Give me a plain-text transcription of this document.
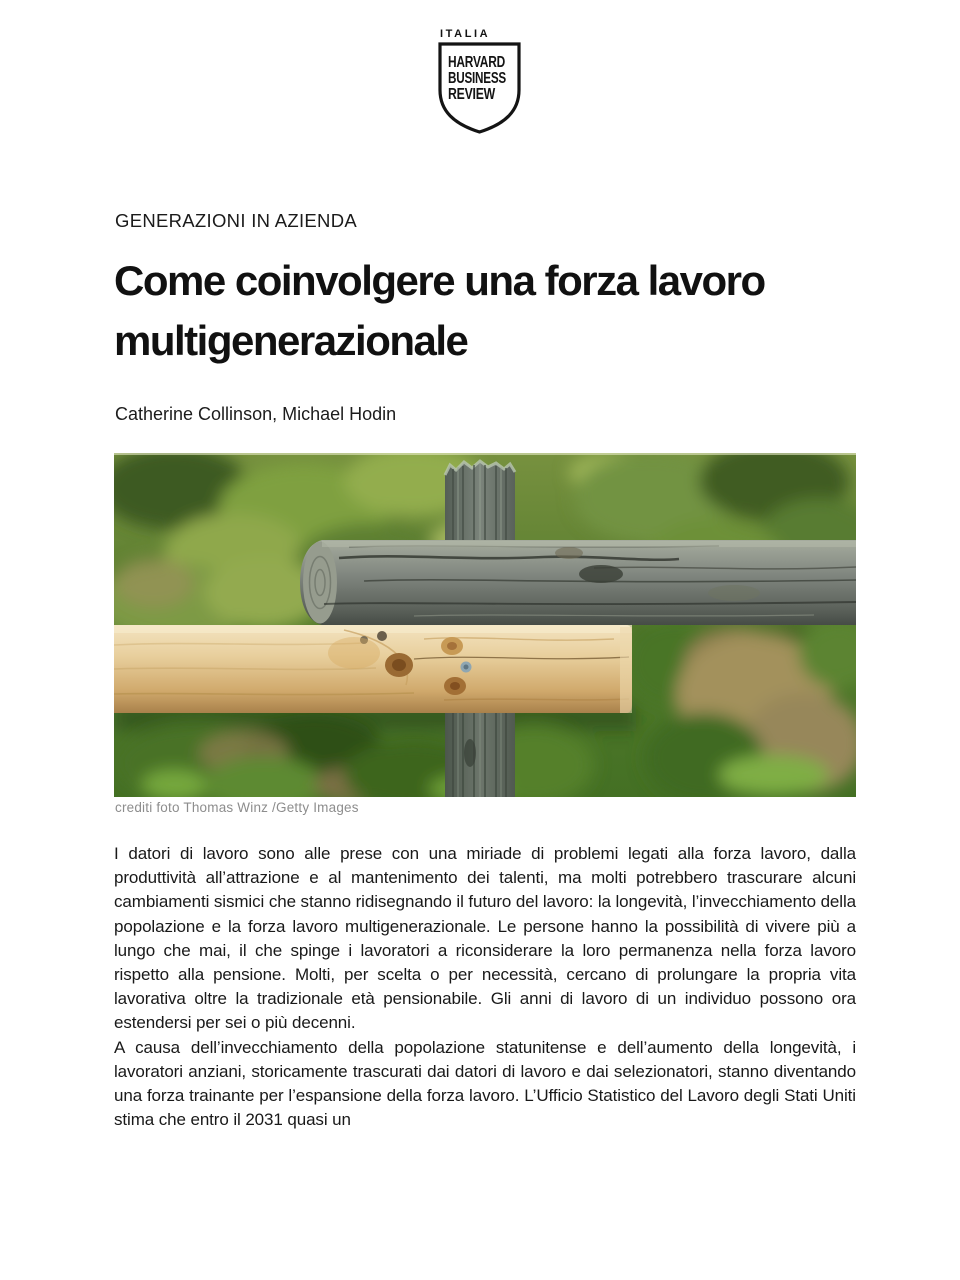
ITALIA
HARVARD
BUSINESS
REVIEW
GENERAZIONI IN AZIENDA
Come coinvolgere una forza lavoro
multigenerazionale
Catherine Collinson, Michael Hodin
crediti foto Thomas Winz /Getty Images

I datori di lavoro sono alle prese con una miriade di problemi legati alla forza lavoro, dalla produttività all’attrazione e al mantenimento dei talenti, ma molti potrebbero trascurare alcuni cambiamenti sismici che stanno ridisegnando il futuro del lavoro: la longevità, l’invecchiamento della popolazione e la forza lavoro multigenerazionale. Le persone hanno la possibilità di vivere più a lungo che mai, il che spinge i lavoratori a riconsiderare la loro permanenza nella forza lavoro rispetto alla pensione. Molti, per scelta o per necessità, cercano di prolungare la propria vita lavorativa oltre la tradizionale età pensionabile. Gli anni di lavoro di un individuo possono ora estendersi per sei o più decenni.

A causa dell’invecchiamento della popolazione statunitense e dell’aumento della longevità, i lavoratori anziani, storicamente trascurati dai datori di lavoro e dai selezionatori, stanno diventando una forza trainante per l’espansione della forza lavoro. L’Ufficio Statistico del Lavoro degli Stati Uniti stima che entro il 2031 quasi un
